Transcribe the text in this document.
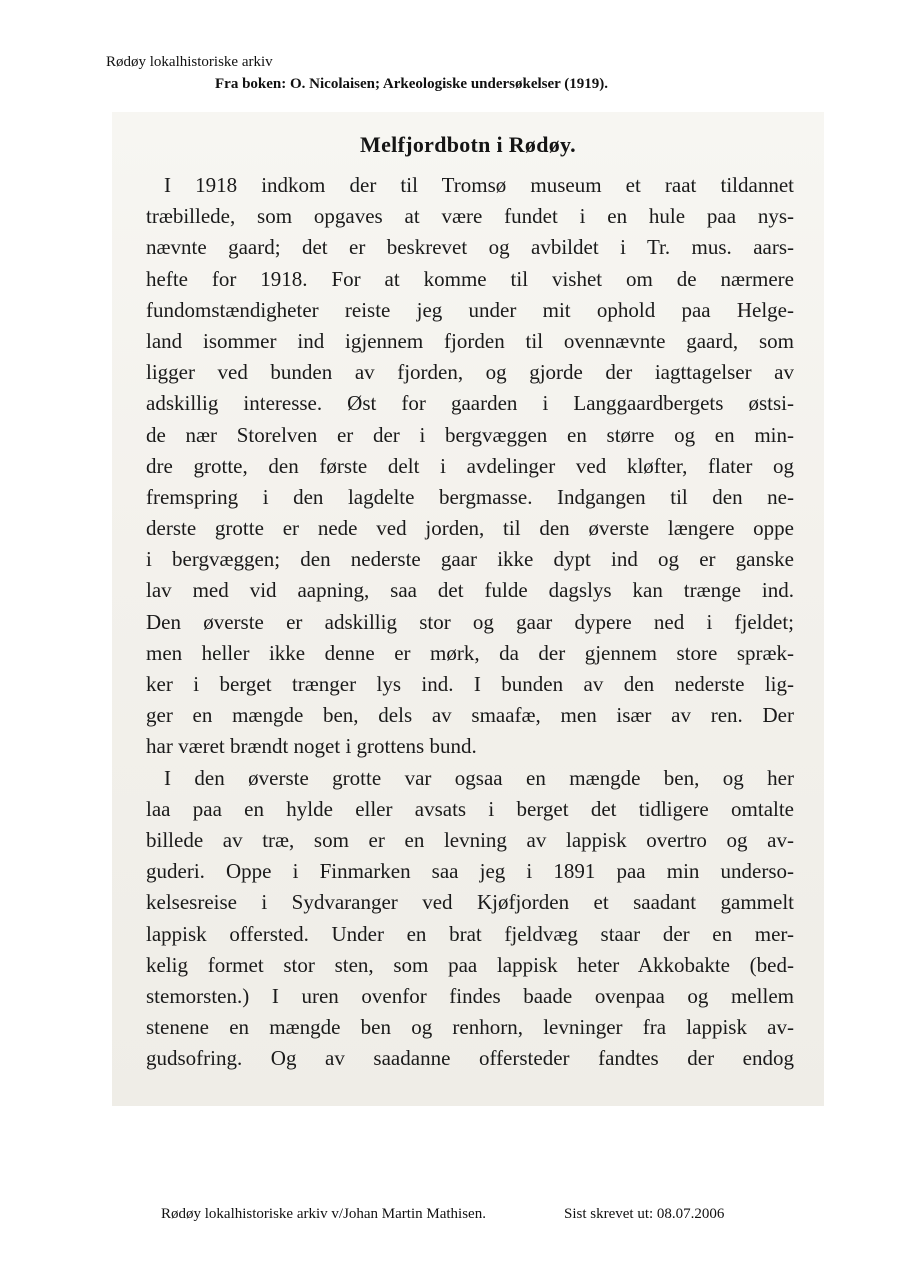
Rødøy lokalhistoriske arkiv
Fra boken: O. Nicolaisen; Arkeologiske undersøkelser (1919).
Melfjordbotn i Rødøy.
I 1918 indkom der til Tromsø museum et raat tildannet
træbillede, som opgaves at være fundet i en hule paa nys-
nævnte gaard; det er beskrevet og avbildet i Tr. mus. aars-
hefte for 1918. For at komme til vishet om de nærmere
fundomstændigheter reiste jeg under mit ophold paa Helge-
land isommer ind igjennem fjorden til ovennævnte gaard, som
ligger ved bunden av fjorden, og gjorde der iagttagelser av
adskillig interesse. Øst for gaarden i Langgaardbergets østsi-
de nær Storelven er der i bergvæggen en større og en min-
dre grotte, den første delt i avdelinger ved kløfter, flater og
fremspring i den lagdelte bergmasse. Indgangen til den ne-
derste grotte er nede ved jorden, til den øverste længere oppe
i bergvæggen; den nederste gaar ikke dypt ind og er ganske
lav med vid aapning, saa det fulde dagslys kan trænge ind.
Den øverste er adskillig stor og gaar dypere ned i fjeldet;
men heller ikke denne er mørk, da der gjennem store spræk-
ker i berget trænger lys ind. I bunden av den nederste lig-
ger en mængde ben, dels av smaafæ, men især av ren. Der
har været brændt noget i grottens bund.
I den øverste grotte var ogsaa en mængde ben, og her
laa paa en hylde eller avsats i berget det tidligere omtalte
billede av træ, som er en levning av lappisk overtro og av-
guderi. Oppe i Finmarken saa jeg i 1891 paa min underso-
kelsesreise i Sydvaranger ved Kjøfjorden et saadant gammelt
lappisk offersted. Under en brat fjeldvæg staar der en mer-
kelig formet stor sten, som paa lappisk heter Akkobakte (bed-
stemorsten.) I uren ovenfor findes baade ovenpaa og mellem
stenene en mængde ben og renhorn, levninger fra lappisk av-
gudsofring. Og av saadanne offersteder fandtes der endog
Rødøy lokalhistoriske arkiv v/Johan Martin Mathisen.	Sist skrevet ut: 08.07.2006
